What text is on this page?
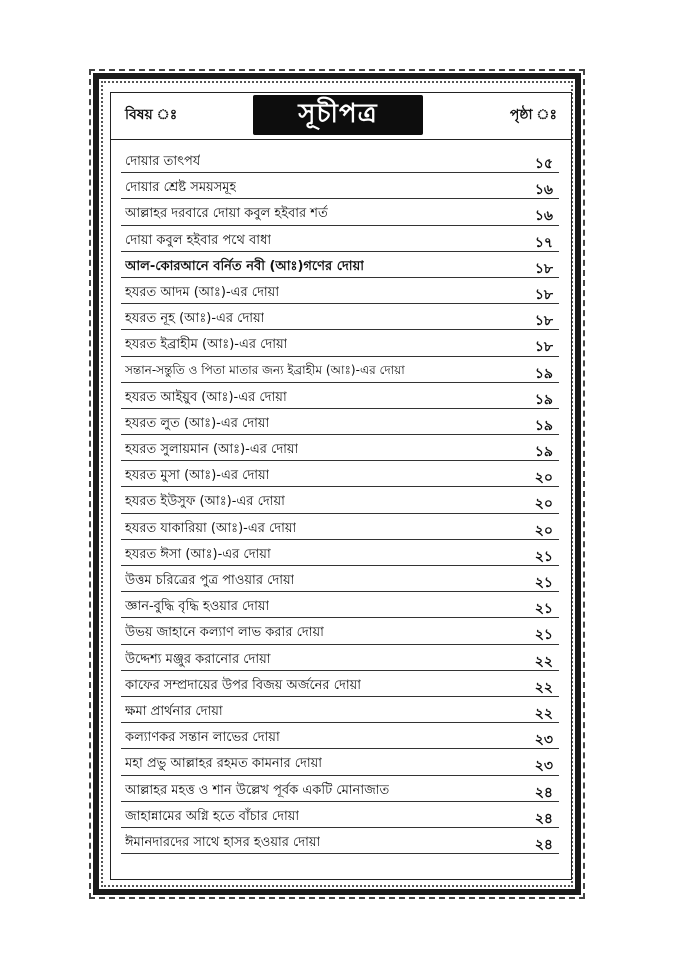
বিষয় ঃ	সূচীপত্র	পৃষ্ঠা ঃ
দোয়ার তাৎপর্য	১৫
দোয়ার শ্রেষ্ট সময়সমূহ	১৬
আল্লাহর দরবারে দোয়া কবুল হইবার শর্ত	১৬
দোয়া কবুল হইবার পথে বাধা	১৭
আল-কোরআনে বর্নিত নবী (আঃ)গণের দোয়া	১৮
হযরত আদম (আঃ)-এর দোয়া	১৮
হযরত নূহ (আঃ)-এর দোয়া	১৮
হযরত ইব্রাহীম (আঃ)-এর দোয়া	১৮
সন্তান-সন্তুতি ও পিতা মাতার জন্য ইব্রাহীম (আঃ)-এর দোয়া	১৯
হযরত আইয়ুব (আঃ)-এর দোয়া	১৯
হযরত লুত (আঃ)-এর দোয়া	১৯
হযরত সুলায়মান (আঃ)-এর দোয়া	১৯
হযরত মুসা (আঃ)-এর দোয়া	২০
হযরত ইউসুফ (আঃ)-এর দোয়া	২০
হযরত যাকারিয়া (আঃ)-এর দোয়া	২০
হযরত ঈসা (আঃ)-এর দোয়া	২১
উত্তম চরিত্রের পুত্র পাওয়ার দোয়া	২১
জ্ঞান-বুদ্ধি বৃদ্ধি হওয়ার দোয়া	২১
উভয় জাহানে কল্যাণ লাভ করার দোয়া	২১
উদ্দেশ্য মঞ্জুর করানোর দোয়া	২২
কাফের সম্প্রদায়ের উপর বিজয় অর্জনের দোয়া	২২
ক্ষমা প্রার্থনার দোয়া	২২
কল্যাণকর সন্তান লাভের দোয়া	২৩
মহা প্রভু আল্লাহর রহমত কামনার দোয়া	২৩
আল্লাহর মহত্ত ও শান উল্লেখ পূর্বক একটি মোনাজাত	২৪
জাহান্নামের অগ্নি হতে বাঁচার দোয়া	২৪
ঈমানদারদের সাথে হাসর হওয়ার দোয়া	২৪
